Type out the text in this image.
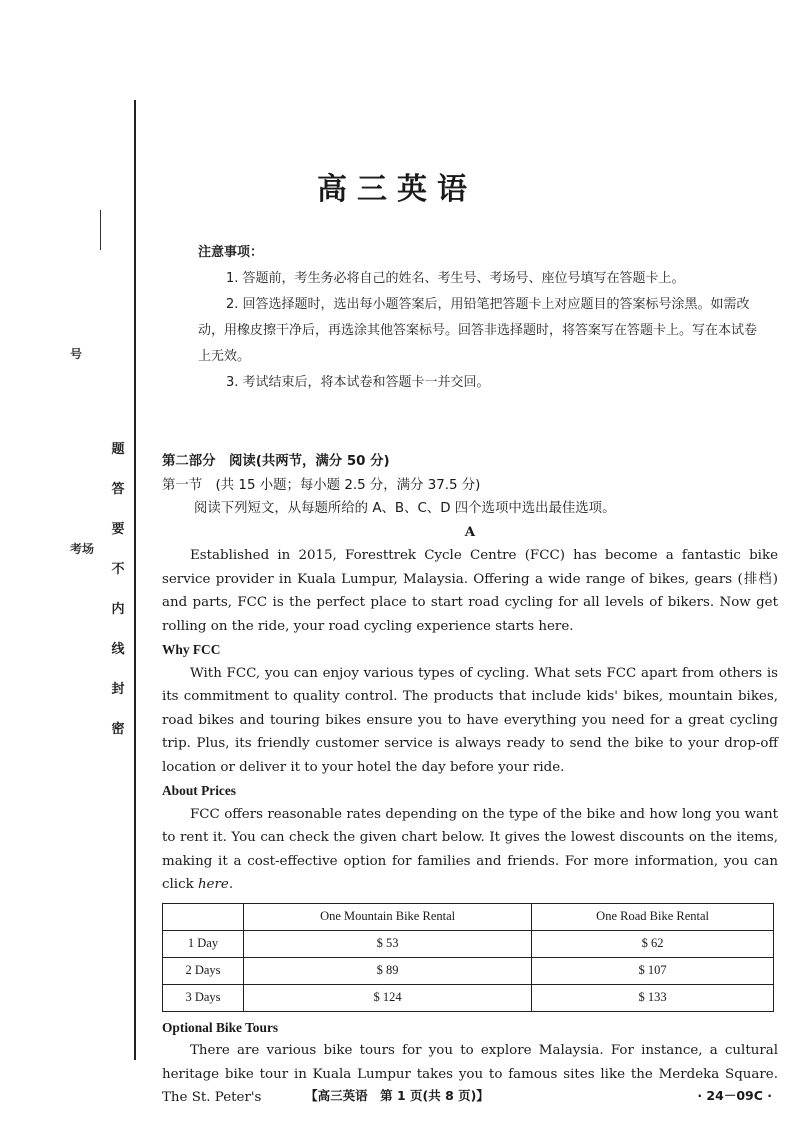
号
考场
题
答
要
不
内
线
封
密
高三英语

注意事项：

1. 答题前，考生务必将自己的姓名、考生号、考场号、座位号填写在答题卡上。

2. 回答选择题时，选出每小题答案后，用铅笔把答题卡上对应题目的答案标号涂黑。如需改动，用橡皮擦干净后，再选涂其他答案标号。回答非选择题时，将答案写在答题卡上。写在本试卷上无效。

3. 考试结束后，将本试卷和答题卡一并交回。

第二部分　阅读(共两节，满分 50 分)

第一节　(共 15 小题；每小题 2.5 分，满分 37.5 分)

阅读下列短文，从每题所给的 A、B、C、D 四个选项中选出最佳选项。

A

Established in 2015, Foresttrek Cycle Centre (FCC) has become a fantastic bike service provider in Kuala Lumpur, Malaysia. Offering a wide range of bikes, gears (排档) and parts, FCC is the perfect place to start road cycling for all levels of bikers. Now get rolling on the ride, your road cycling experience starts here.

Why FCC

With FCC, you can enjoy various types of cycling. What sets FCC apart from others is its commitment to quality control. The products that include kids' bikes, mountain bikes, road bikes and touring bikes ensure you to have everything you need for a great cycling trip. Plus, its friendly customer service is always ready to send the bike to your drop-off location or deliver it to your hotel the day before your ride.

About Prices

FCC offers reasonable rates depending on the type of the bike and how long you want to rent it. You can check the given chart below. It gives the lowest discounts on the items, making it a cost-effective option for families and friends. For more information, you can click here.

	One Mountain Bike Rental	One Road Bike Rental
1 Day	$ 53	$ 62
2 Days	$ 89	$ 107
3 Days	$ 124	$ 133

Optional Bike Tours

There are various bike tours for you to explore Malaysia. For instance, a cultural heritage bike tour in Kuala Lumpur takes you to famous sites like the Merdeka Square. The St. Peter's	【高三英语　第 1 页(共 8 页)】	· 24－09C ·
